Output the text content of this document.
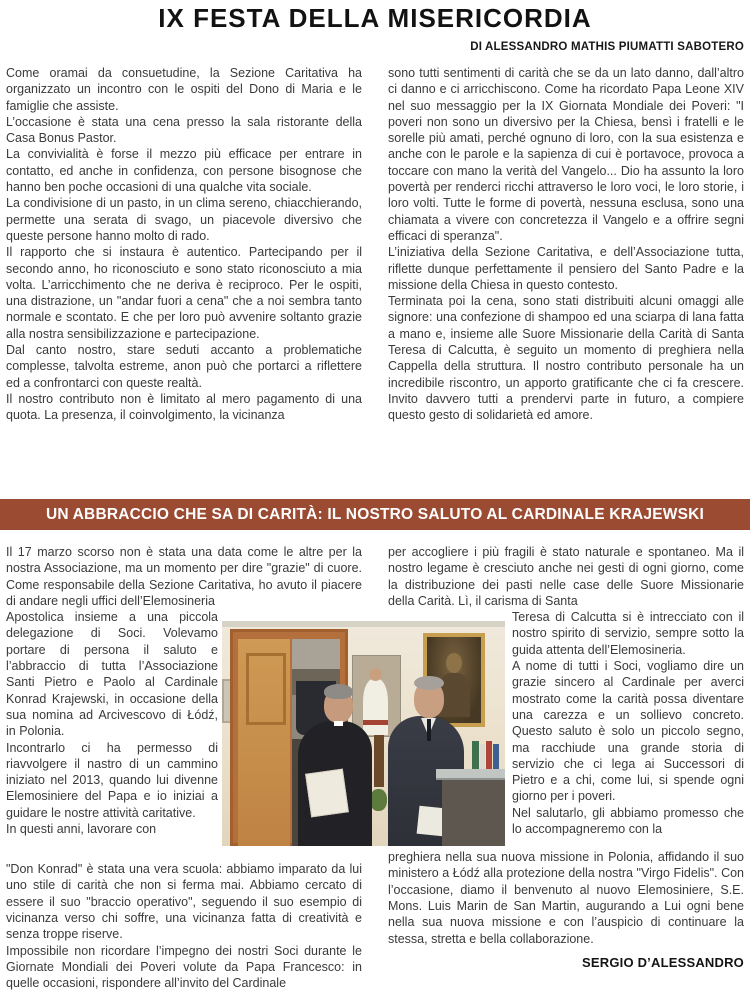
IX FESTA DELLA MISERICORDIA
DI ALESSANDRO MATHIS PIUMATTI SABOTERO

Come oramai da consuetudine, la Sezione Caritativa ha organizzato un incontro con le ospiti del Dono di Maria e le famiglie che assiste.

L’occasione è stata una cena presso la sala ristorante della Casa Bonus Pastor.

La convivialità è forse il mezzo più efficace per entrare in contatto, ed anche in confidenza, con persone bisognose che hanno ben poche occasioni di una qualche vita sociale.

La condivisione di un pasto, in un clima sereno, chiacchierando, permette una serata di svago, un piacevole diversivo che queste persone hanno molto di rado.

Il rapporto che si instaura è autentico. Partecipando per il secondo anno, ho riconosciuto e sono stato riconosciuto a mia volta. L’arricchimento che ne deriva è reciproco. Per le ospiti, una distrazione, un "andar fuori a cena" che a noi sembra tanto normale e scontato. E che per loro può avvenire soltanto grazie alla nostra sensibilizzazione e partecipazione.

Dal canto nostro, stare seduti accanto a problematiche complesse, talvolta estreme, anon può che portarci a riflettere ed a confrontarci con queste realtà.

Il nostro contributo non è limitato al mero pagamento di una quota. La presenza, il coinvolgimento, la vicinanza

sono tutti sentimenti di carità che se da un lato danno, dall’altro ci danno e ci arricchiscono. Come ha ricordato Papa Leone XIV nel suo messaggio per la IX Giornata Mondiale dei Poveri: "I poveri non sono un diversivo per la Chiesa, bensì i fratelli e le sorelle più amati, perché ognuno di loro, con la sua esistenza e anche con le parole e la sapienza di cui è portavoce, provoca a toccare con mano la verità del Vangelo... Dio ha assunto la loro povertà per renderci ricchi attraverso le loro voci, le loro storie, i loro volti. Tutte le forme di povertà, nessuna esclusa, sono una chiamata a vivere con concretezza il Vangelo e a offrire segni efficaci di speranza".

L’iniziativa della Sezione Caritativa, e dell’Associazione tutta, riflette dunque perfettamente il pensiero del Santo Padre e la missione della Chiesa in questo contesto.

Terminata poi la cena, sono stati distribuiti alcuni omaggi alle signore: una confezione di shampoo ed una sciarpa di lana fatta a mano e, insieme alle Suore Missionarie della Carità di Santa Teresa di Calcutta, è seguito un momento di preghiera nella Cappella della struttura. Il nostro contributo personale ha un incredibile riscontro, un apporto gratificante che ci fa crescere. Invito davvero tutti a prendervi parte in futuro, a compiere questo gesto di solidarietà ed amore.

UN ABBRACCIO CHE SA DI CARITÀ: IL NOSTRO SALUTO AL CARDINALE KRAJEWSKI

Il 17 marzo scorso non è stata una data come le altre per la nostra Associazione, ma un momento per dire "grazie" di cuore. Come responsabile della Sezione Caritativa, ho avuto il piacere di andare negli uffici dell’Elemosineria

Apostolica insieme a una piccola delegazione di Soci. Volevamo portare di persona il saluto e l’abbraccio di tutta l’Associazione Santi Pietro e Paolo al Cardinale Konrad Krajewski, in occasione della sua nomina ad Arcivescovo di Łódź, in Polonia.

Incontrarlo ci ha permesso di riavvolgere il nastro di un cammino iniziato nel 2013, quando lui divenne Elemosiniere del Papa e io iniziai a guidare le nostre attività caritative.

In questi anni, lavorare con

"Don Konrad" è stata una vera scuola: abbiamo imparato da lui uno stile di carità che non si ferma mai. Abbiamo cercato di essere il suo "braccio operativo", seguendo il suo esempio di vicinanza verso chi soffre, una vicinanza fatta di creatività e senza troppe riserve.

Impossibile non ricordare l’impegno dei nostri Soci durante le Giornate Mondiali dei Poveri volute da Papa Francesco: in quelle occasioni, rispondere all’invito del Cardinale

per accogliere i più fragili è stato naturale e spontaneo. Ma il nostro legame è cresciuto anche nei gesti di ogni giorno, come la distribuzione dei pasti nelle case delle Suore Missionarie della Carità. Lì, il carisma di Santa

Teresa di Calcutta si è intrecciato con il nostro spirito di servizio, sempre sotto la guida attenta dell’Elemosineria.

A nome di tutti i Soci, vogliamo dire un grazie sincero al Cardinale per averci mostrato come la carità possa diventare una carezza e un sollievo concreto. Questo saluto è solo un piccolo segno, ma racchiude una grande storia di servizio che ci lega ai Successori di Pietro e a chi, come lui, si spende ogni giorno per i poveri.

Nel salutarlo, gli abbiamo promesso che lo accompagneremo con la

preghiera nella sua nuova missione in Polonia, affidando il suo ministero a Łódź alla protezione della nostra "Virgo Fidelis". Con l’occasione, diamo il benvenuto al nuovo Elemosiniere, S.E. Mons. Luis Marin de San Martin, augurando a Lui ogni bene nella sua nuova missione e con l’auspicio di continuare la stessa, stretta e bella collaborazione.

SERGIO D’ALESSANDRO
